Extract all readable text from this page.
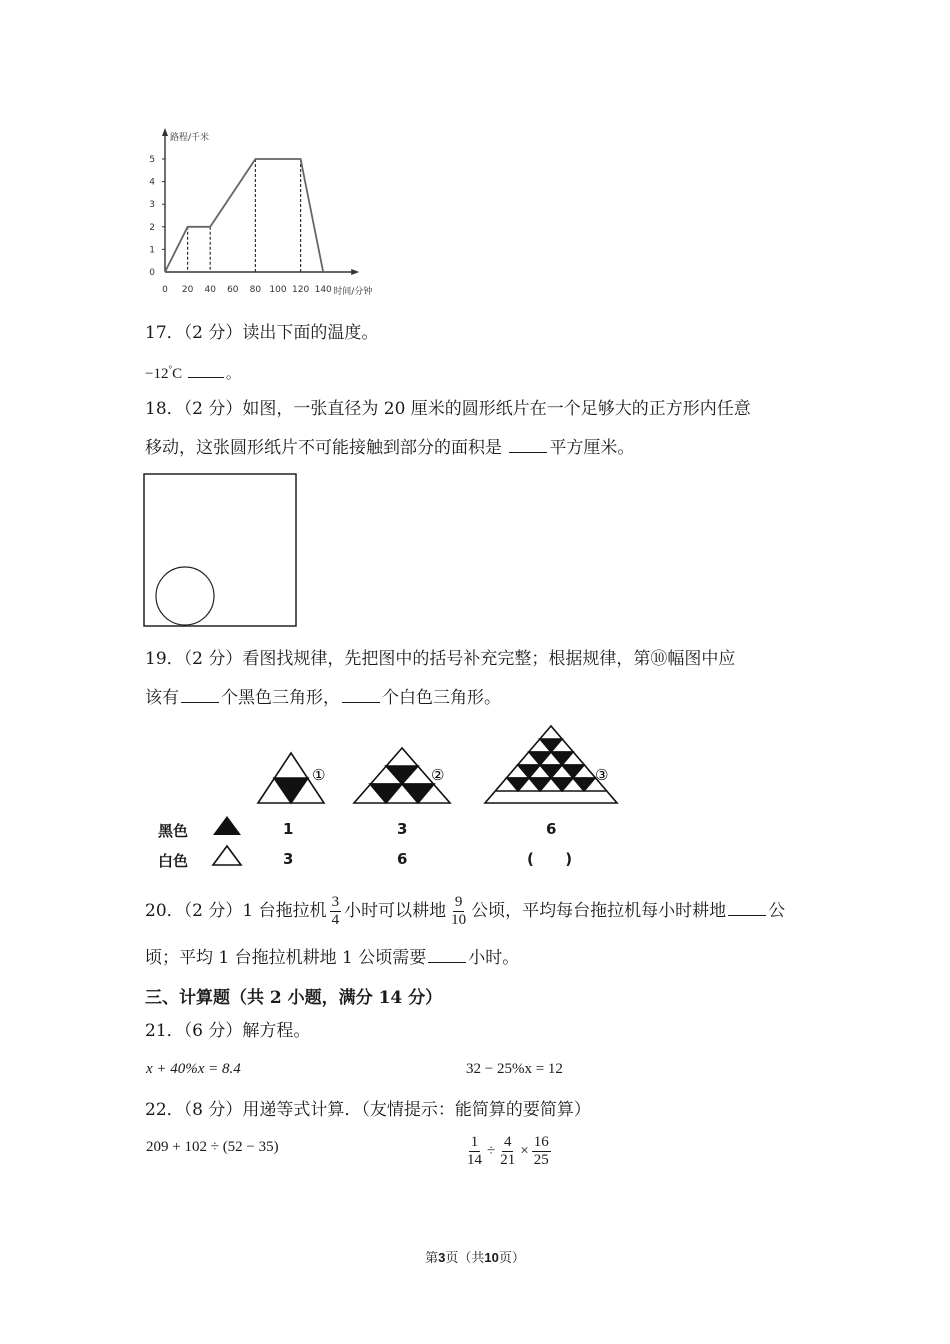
0 20 40 60 80 100 120 140
0
1
2
3
4
5
路程/千米
时间/分钟
17．（2 分）读出下面的温度。
−12°C	。
18．（2 分）如图，一张直径为 20 厘米的圆形纸片在一个足够大的正方形内任意
移动，这张圆形纸片不可能接触到部分的面积是 平方厘米。
19．（2 分）看图找规律，先把图中的括号补充完整；根据规律，第⑩幅图中应
该有 个黑色三角形， 个白色三角形。
①	②	③
黑色
白色
1	3	6
3	6	(      )
20．（2 分）1 台拖拉机 $\frac{3}{4}$ 小时可以耕地 $\frac{9}{10}$ 公顷，平均每台拖拉机每小时耕地 公
顷；平均 1 台拖拉机耕地 1 公顷需要 小时。
三、计算题（共 2 小题，满分 14 分）
21．（6 分）解方程。
x + 40%x = 8.4	32 − 25%x = 12
22．（8 分）用递等式计算．（友情提示：能简算的要简算）
209 + 102 ÷ (52 − 35)	$\frac{1}{14} \div \frac{4}{21} \times \frac{16}{25}$
第3页（共10页）
